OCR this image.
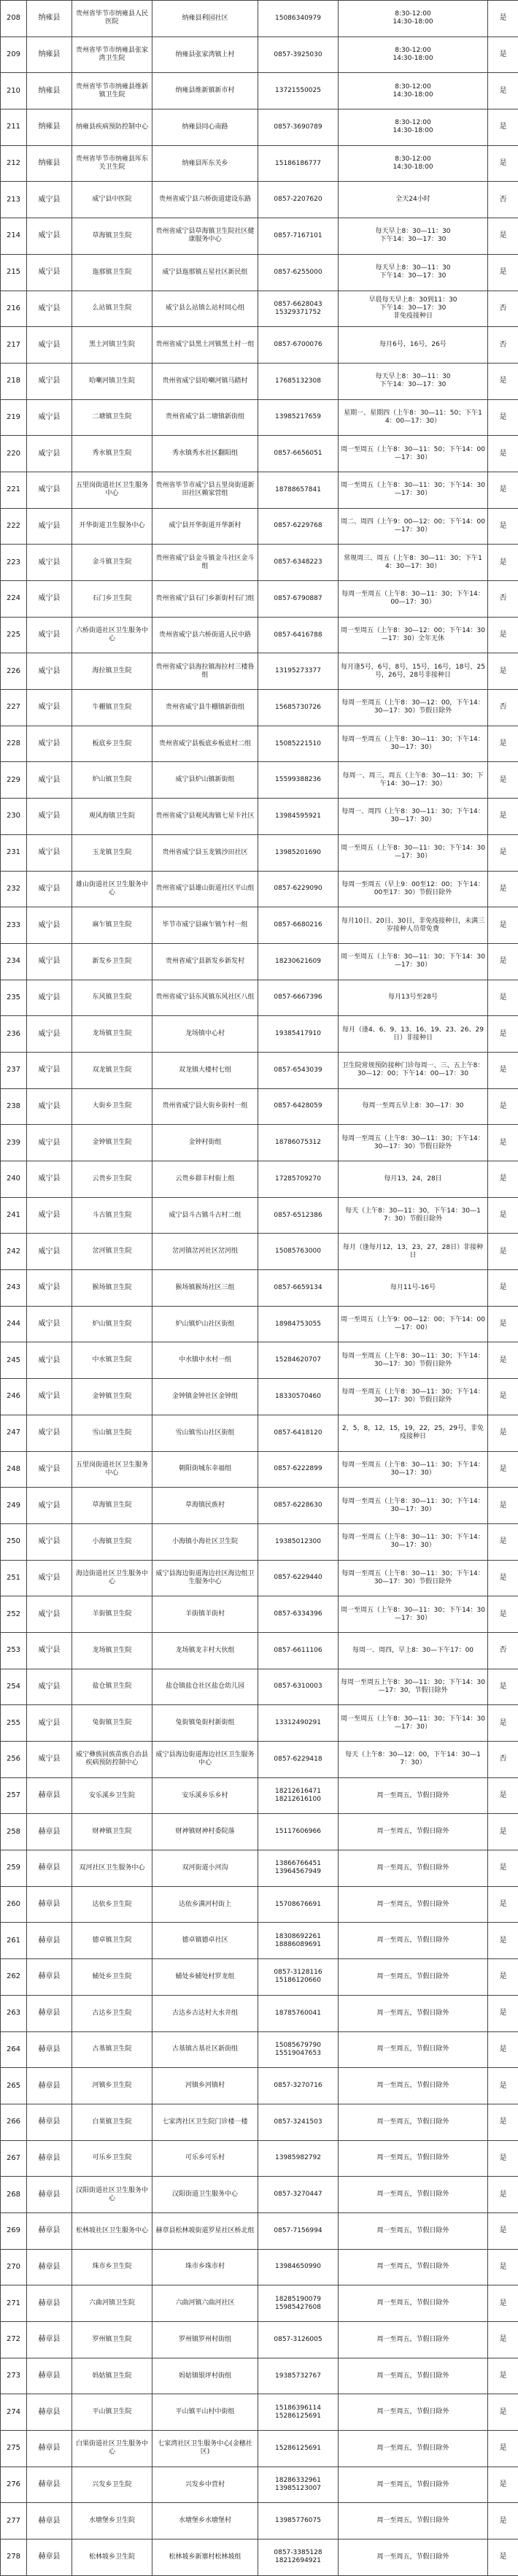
208	纳雍县	贵州省毕节市纳雍县人民医院	纳雍县利园社区	15086340979	8:30-12:00
14:30-18:00	是
209	纳雍县	贵州省毕节市纳雍县张家湾卫生院	纳雍县张家湾镇上村	0857-3925030	8:30-12:00
14:30-18:00	是
210	纳雍县	贵州省毕节市纳雍县维新镇卫生院	纳雍县维新镇新市村	13721550025	8:30-12:00
14:30-18:00	是
211	纳雍县	纳雍县疾病预防控制中心	纳雍县同心南路	0857-3690789	8:30-12:00
14:30-18:00	是
212	纳雍县	贵州省毕节市纳雍县厍东关卫生院	纳雍县厍东关乡	15186186777	8:30-12:00
14:30-18:00	是
213	威宁县	威宁县中医院	贵州省威宁县六桥街道建设东路	0857-2207620	全天24小时	否
214	威宁县	草海镇卫生院	贵州省威宁县草海镇卫生院社区健康服务中心	0857-7167101	每天早上8：30—11：30
下午14：30—17：30	是
215	威宁县	迤那镇卫生院	威宁县迤那镇五星社区新民组	0857-6255000	每天早上8：30—11：30
下午14：30—17：30	是
216	威宁县	么站镇卫生院	威宁县么站镇么站村同心组	0857-6628043
15329371752	早晨每天早上8：30到11：30
下午14：30—17：30
非免疫接种日	否
217	威宁县	黑土河镇卫生院	贵州省威宁县黑土河镇黑土村一组	0857-6700076	每月6号，16号，26号	否
218	威宁县	哈喇河镇卫生院	贵州省威宁县哈喇河镇马踏村	17685132308	每天早上8：30—11：30
下午14：30—17：30	是
219	威宁县	二塘镇卫生院	贵州省威宁县二塘镇新街组	13985217659	星期一、星期四（上午8：30—11：50；下午14：00—17：30）	是
220	威宁县	秀水镇卫生院	秀水镇秀水社区翻阳组	0857-6656051	周一至周五（上午8：30—11：50；下午14：00—17：30）	是
221	威宁县	五里岗街道社区卫生服务中心	贵州省毕节市威宁县五里岗街道新田社区赖家营组	18788657841	周一至周五（上午8：30—11：30；下午14：30—17：30）	是
222	威宁县	开华街道卫生服务中心	威宁县开华街道开华新村	0857-6229768	周二、周四（上午9：00—12：00；下午14：00—17：30）	是
223	威宁县	金斗镇卫生院	贵州省威宁县金斗镇金斗社区金斗组	0857-6348223	常规周三、周五（上午8：30—11：30；下午14：30—17：30）	是
224	威宁县	石门乡卫生院	贵州省威宁县石门乡新街村石门组	0857-6790887	每周一至周五（上午8：30—11：30；下午14：00—17：30）	否
225	威宁县	六桥街道社区卫生服务中心	贵州省威宁县六桥街道人民中路	0857-6416788	周一至周五（上午8：30—12：00；下午14：30—17：30）全年无休	是
226	威宁县	海拉镇卫生院	贵州省威宁县海拉镇海拉村三楼鲁组	13195273377	每月逢5号，6号，8号，15号，16号，18号，25号，26号，28号非接种日	是
227	威宁县	牛棚镇卫生院	贵州省威宁县牛棚镇新街组	15685730726	每周一至周五（上午8：30—12：00，下午14：30—17：30）节假日除外	否
228	威宁县	板底乡卫生院	贵州省威宁县板底乡板底村二组	15085221510	每周一至周五（上午8：30—11：30；下午14：30—17：30）	是
229	威宁县	炉山镇卫生院	威宁县炉山镇新街组	15599388236	每周一、周三、周五（上午8：30—11：30；下午14：30—17：30）	是
230	威宁县	观风海镇卫生院	贵州省威宁县观风海镇七星卡社区	13984595921	每周一、周四（上午8：30—11：30；下午14：30—17：30）	是
231	威宁县	玉龙镇卫生院	贵州省威宁县玉龙镇沙田社区	13985201690	周一至周五（上午8：30—11：30；下午14：30—17：30）	是
232	威宁县	雄山街道社区卫生服务中心	贵州省威宁县雄山街道社区平山组	0857-6229090	每周一至周五（早上9：00至12：00；下午14：00至17：30）节假日除外	是
233	威宁县	麻乍镇卫生院	毕节市威宁县麻乍镇乍村一组	0857-6680216	每月10日、20日、30日，非免疫接种日，未满三岁接种人员带免费	是
234	威宁县	新发乡卫生院	贵州省威宁县新发乡新发村	18230621609	周一至周五（上午8：30—11：30；下午14：30—17：30）	是
235	威宁县	东风镇卫生院	贵州省威宁县东风镇东风社区八组	0857-6667396	每月13号至28号	是
236	威宁县	龙场镇卫生院	龙场镇中心村	19385417910	每月（逢4、6、9、13、16、19、23、26、29日）非接种日	是
237	威宁县	双龙镇卫生院	双龙镇大楼村七组	0857-6543039	卫生院常规预防接种门诊每周一、三、五上午8：30—12：00；下午14：00—17：30	是
238	威宁县	大街乡卫生院	贵州省威宁县大街乡街村一组	0857-6428059	每周一至周五早上8：30—17：30	是
239	威宁县	金钟镇卫生院	金钟村街组	18786075312	每周一至周五（上午8：30—11：30；下午14：30—17：30）节假日除外	是
240	威宁县	云贵乡卫生院	云贵乡群丰村街上组	17285709270	每月13，24，28日	是
241	威宁县	斗古镇卫生院	威宁县斗古镇斗古村二组	0857-6512386	每天（上午8：30—11：30，下午14：30—17：30）节假日除外	是
242	威宁县	岔河镇卫生院	岔河镇岔河社区岔河组	15085763000	每月（逢每月12，13，23，27，28日）非接种日	是
243	威宁县	猴场镇卫生院	猴场镇猴场社区三组	0857-6659134	每月11号-16号	是
244	威宁县	炉山镇卫生院	炉山镇炉山社区街组	18984753055	周一至周五（上午9：00—12：00；下午14：00—17：00）	是
245	威宁县	中水镇卫生院	中水镇中水村一组	15284620707	每周一至周五（上午8：30—11：30；下午14：30—17：30）节假日除外	是
246	威宁县	金钟镇卫生院	金钟镇金钟社区金钟组	18330570460	每周一至周五（上午8：30—11：30；下午14：30—17：30）节假日除外	是
247	威宁县	雪山镇卫生院	雪山镇雪山社区街组	0857-6418120	2，5，8，12，15，19，22，25，29号，非免疫接种日	是
248	威宁县	五里岗街道社区卫生服务中心	朝阳街城东幸福组	0857-6222899	每周一至周五（上午8：30—11：30；下午14：30—17：30）	是
249	威宁县	草海镇卫生院	草海镇民族村	0857-6228630	每周一至周五（上午8：30—11：30；下午14：30—17：30）	是
250	威宁县	小海镇卫生院	小海镇小海社区卫生院	19385012300	每周一至周五（上午8：30—11：30；下午14：30—17：30）	是
251	威宁县	海边街道社区卫生服务中心	威宁县海边街道海边社区海边组卫生服务中心	0857-6229440	每周一至周五（上午8：30—11：30；下午14：30—17：30）节假日除外	是
252	威宁县	羊街镇卫生院	羊街镇羊街村	0857-6334396	周一至周五（上午8：30—11：30；下午14：30—17：30）	是
253	威宁县	龙场镇卫生院	龙场镇龙丰村大伙组	0857-6611106	每周一、周四，早上8：30—下午17：00	否
254	威宁县	盐仓镇卫生院	盐仓镇盐仓社区盐仓幼儿园	0857-6310003	每周一至周五上午8：30—11：30；下午14：30—17：30，节假日除外	是
255	威宁县	兔街镇卫生院	兔街镇兔街村新街组	13312490291	周一至周五（上午8：30—11：30；下午14：30—17：30）	是
256	威宁县	威宁彝族回族苗族自治县疾病预防控制中心	威宁县海边街道海边社区卫生服务中心	0857-6229418	每天（上午8：30—12：00，下午14：30—17：30）	否
257	赫章县	安乐溪乡卫生院	安乐溪乡乐乡村	18212616471
18212616100	周一至周五，节假日除外	是
258	赫章县	财神镇卫生院	财神镇财神村委院落	15117606966	周一至周五，节假日除外	是
259	赫章县	双河社区卫生服务中心	双河街道小河沟	13866766451
13964567949	周一至周五，节假日除外	是
260	赫章县	达依乡卫生院	达依乡满河村街上	15708676691	周一至周五，节假日除外	是
261	赫章县	德卓镇卫生院	德卓镇德卓社区	18308692261
18886089691	周一至周五，节假日除外	是
262	赫章县	辅处乡卫生院	辅处乡辅处村罗龙组	0857-3128116
15186120660	周一至周五，节假日除外	是
263	赫章县	古达乡卫生院	古达乡古达村大水井组	18785760041	周一至周五，节假日除外	是
264	赫章县	古基镇卫生院	古基镇古基社区新街组	15085679790
15519047653	周一至周五，节假日除外	是
265	赫章县	河镇乡卫生院	河镇乡河镇村	0857-3270716	周一至周五，节假日除外	是
266	赫章县	白果镇卫生院	七家湾社区卫生院门诊楼一楼	0857-3241503	周一至周五，节假日除外	是
267	赫章县	可乐乡卫生院	可乐乡可乐村	13985982792	周一至周五，节假日除外	是
268	赫章县	汉阳街道社区卫生服务中心	汉阳街道卫生服务中心	0857-3270447	周一至周五，节假日除外	是
269	赫章县	松林坡社区卫生服务中心	赫章县松林坡街道罗星社区桥北组	0857-7156994	周一至周五，节假日除外	是
270	赫章县	珠市乡卫生院	珠市乡珠市村	13984650990	周一至周五，节假日除外	是
271	赫章县	六曲河镇卫生院	六曲河镇六曲河社区	18285190079
15985427608	周一至周五，节假日除外	是
272	赫章县	罗州镇卫生院	罗州镇罗州村街组	0857-3126005	周一至周五，节假日除外	是
273	赫章县	妈姑镇卫生院	妈姑镇银坪村街组	19385732767	周一至周五，节假日除外	是
274	赫章县	平山镇卫生院	平山镇平山村中街组	15186396114
15286125691	周一至周五，节假日除外	是
275	赫章县	白果街道社区卫生服务中心	七家湾社区卫生服务中心(金穗社区)	15286125691	周一至周五，节假日除外	是
276	赫章县	兴发乡卫生院	兴发乡中营村	18286332961
13985123007	周一至周五，节假日除外	是
277	赫章县	水塘堡乡卫生院	水塘堡乡水塘堡村	13985776075	周一至周五，节假日除外	是
278	赫章县	松林坡乡卫生院	松林坡乡新寨村松林坡组	0857-3385128
18212694921	周一至周五，节假日除外	是
